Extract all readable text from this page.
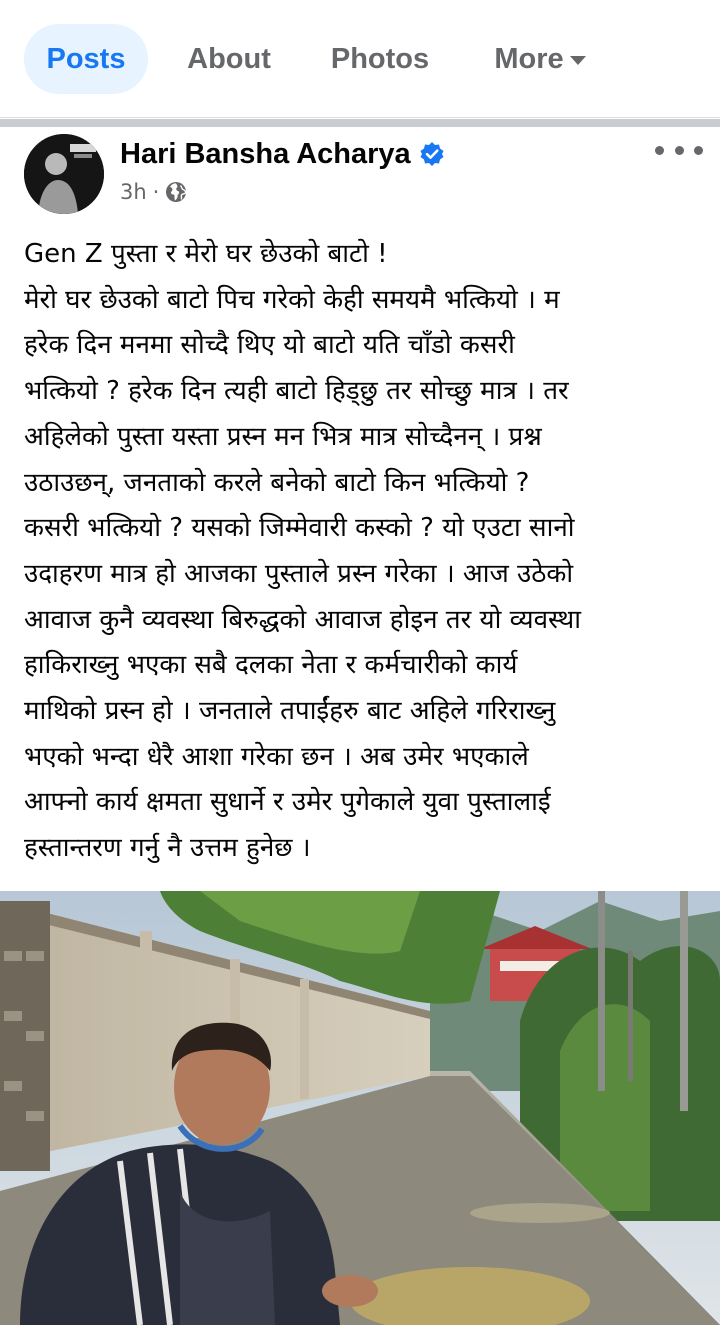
Posts	About	Photos	More
Hari Bansha Acharya
3h ·
Gen Z पुस्ता र मेरो घर छेउको बाटो !
मेरो घर छेउको बाटो पिच गरेको केही समयमै भत्कियो । म
हरेक दिन मनमा सोच्दै थिए यो बाटो यति चाँडो कसरी
भत्कियो ? हरेक दिन त्यही बाटो हिड्छु तर सोच्छु मात्र । तर
अहिलेको पुस्ता यस्ता प्रस्न मन भित्र मात्र सोच्दैनन् । प्रश्न
उठाउछन्, जनताको करले बनेको बाटो किन भत्कियो ?
कसरी भत्कियो ? यसको जिम्मेवारी कस्को ? यो एउटा सानो
उदाहरण मात्र हो आजका पुस्ताले प्रस्न गरेका । आज उठेको
आवाज कुनै व्यवस्था बिरुद्धको आवाज होइन तर यो व्यवस्था
हाकिराख्नु भएका सबै दलका नेता र कर्मचारीको कार्य
माथिको प्रस्न हो । जनताले तपाईंहरु बाट अहिले गरिराख्नु
भएको भन्दा धेरै आशा गरेका छन । अब उमेर भएकाले
आफ्नो कार्य क्षमता सुधार्ने र उमेर पुगेकाले युवा पुस्तालाई
हस्तान्तरण गर्नु नै उत्तम हुनेछ ।
